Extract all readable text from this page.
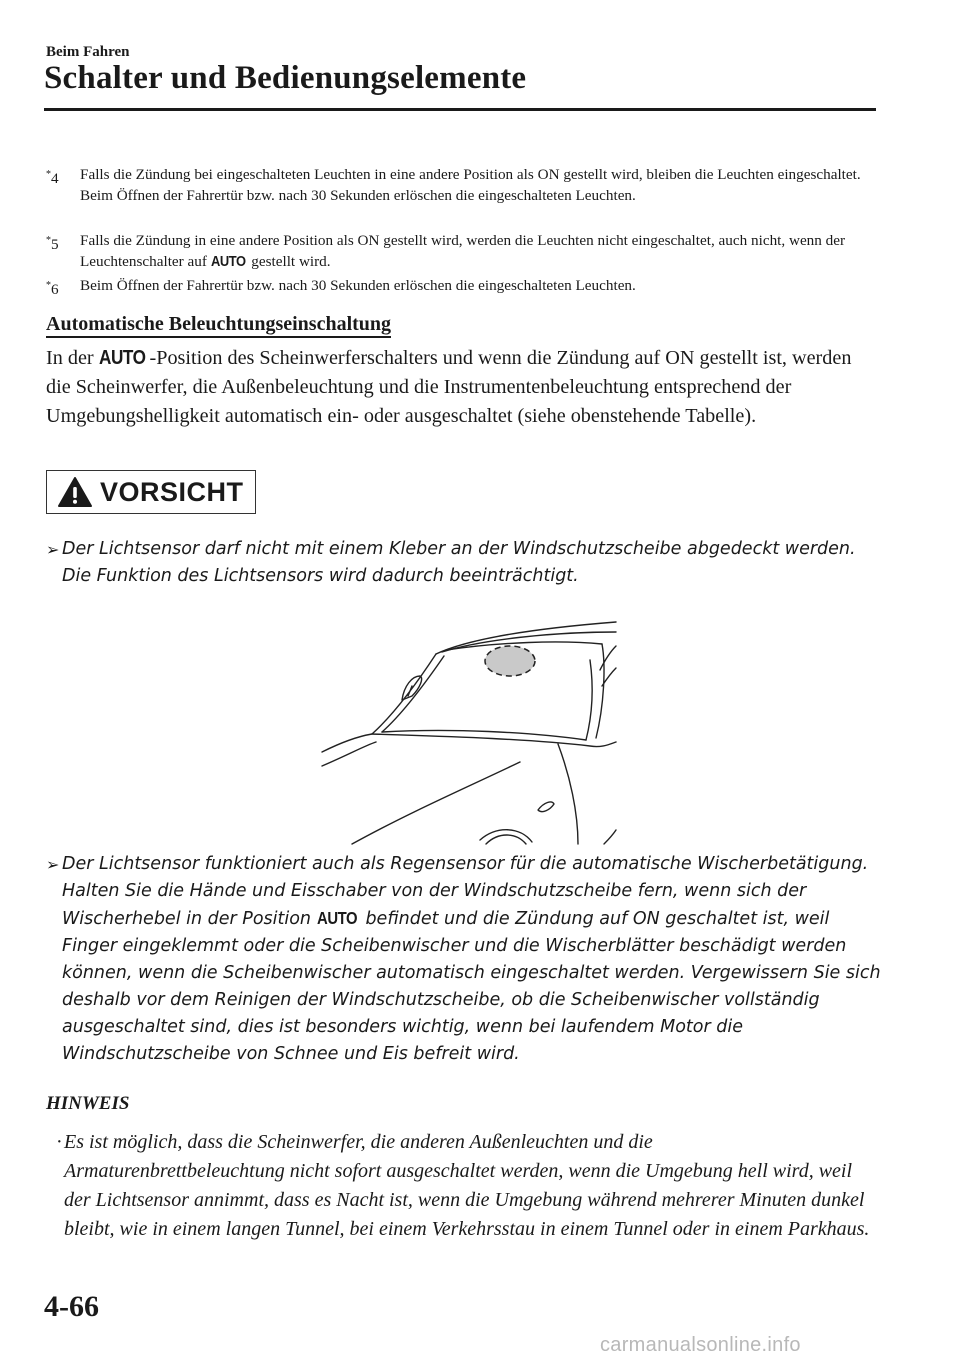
Beim Fahren
Schalter und Bedienungselemente
*4 Falls die Zündung bei eingeschalteten Leuchten in eine andere Position als ON gestellt wird, bleiben die Leuchten eingeschaltet.
Beim Öffnen der Fahrertür bzw. nach 30 Sekunden erlöschen die eingeschalteten Leuchten.
*5 Falls die Zündung in eine andere Position als ON gestellt wird, werden die Leuchten nicht eingeschaltet, auch nicht, wenn der Leuchtenschalter auf AUTO gestellt wird.
*6 Beim Öffnen der Fahrertür bzw. nach 30 Sekunden erlöschen die eingeschalteten Leuchten.
Automatische Beleuchtungseinschaltung
In der AUTO -Position des Scheinwerferschalters und wenn die Zündung auf ON gestellt ist, werden die Scheinwerfer, die Außenbeleuchtung und die Instrumentenbeleuchtung entsprechend der Umgebungshelligkeit automatisch ein- oder ausgeschaltet (siehe obenstehende Tabelle).
VORSICHT
➢ Der Lichtsensor darf nicht mit einem Kleber an der Windschutzscheibe abgedeckt werden. Die Funktion des Lichtsensors wird dadurch beeinträchtigt.
➢ Der Lichtsensor funktioniert auch als Regensensor für die automatische Wischerbetätigung. Halten Sie die Hände und Eisschaber von der Windschutzscheibe fern, wenn sich der Wischerhebel in der Position AUTO befindet und die Zündung auf ON geschaltet ist, weil Finger eingeklemmt oder die Scheibenwischer und die Wischerblätter beschädigt werden können, wenn die Scheibenwischer automatisch eingeschaltet werden. Vergewissern Sie sich deshalb vor dem Reinigen der Windschutzscheibe, ob die Scheibenwischer vollständig ausgeschaltet sind, dies ist besonders wichtig, wenn bei laufendem Motor die Windschutzscheibe von Schnee und Eis befreit wird.
HINWEIS
· Es ist möglich, dass die Scheinwerfer, die anderen Außenleuchten und die Armaturenbrettbeleuchtung nicht sofort ausgeschaltet werden, wenn die Umgebung hell wird, weil der Lichtsensor annimmt, dass es Nacht ist, wenn die Umgebung während mehrerer Minuten dunkel bleibt, wie in einem langen Tunnel, bei einem Verkehrsstau in einem Tunnel oder in einem Parkhaus.
4-66
carmanualsonline.info
